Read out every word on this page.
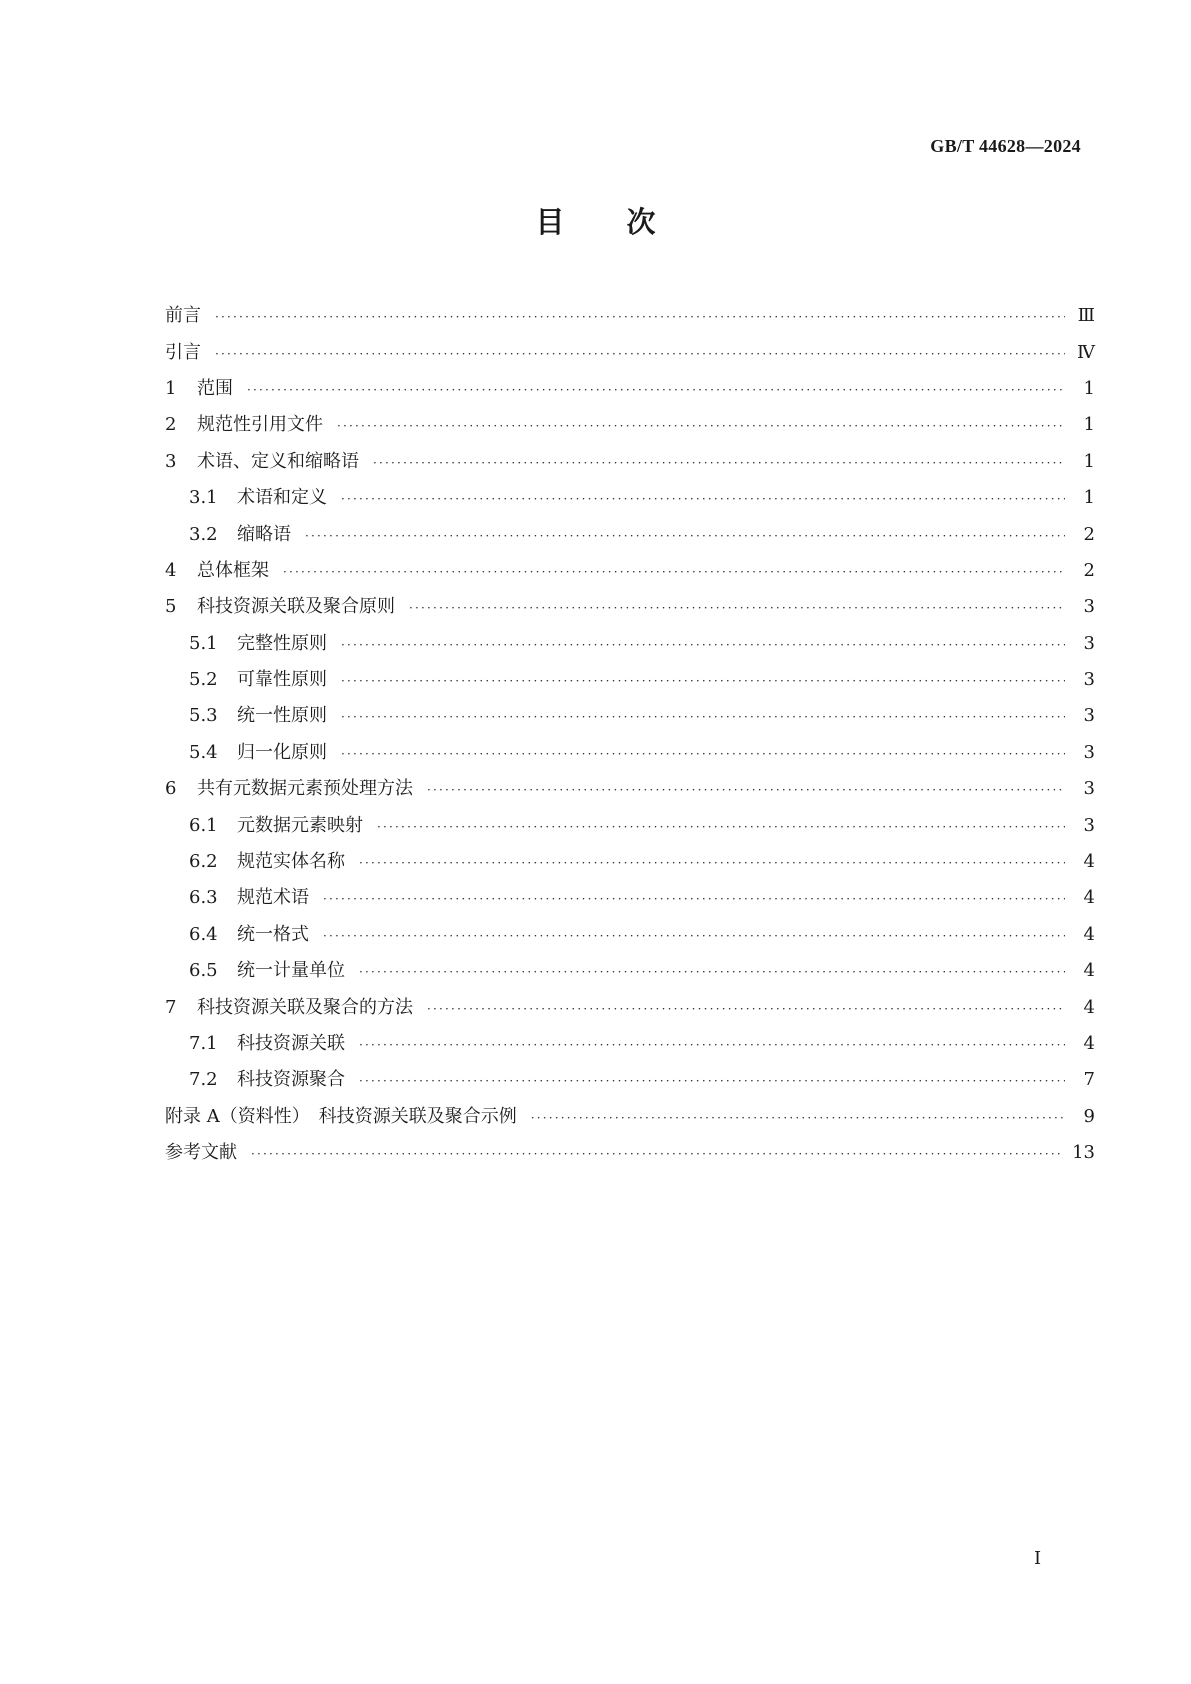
GB/T 44628—2024
目次
前言 ·····	Ⅲ
引言 ·····	Ⅳ
1	范围 ·····	1
2	规范性引用文件 ·····	1
3	术语、定义和缩略语 ·····	1
3.1	术语和定义 ·····	1
3.2	缩略语 ·····	2
4	总体框架 ·····	2
5	科技资源关联及聚合原则 ·····	3
5.1	完整性原则 ·····	3
5.2	可靠性原则 ·····	3
5.3	统一性原则 ·····	3
5.4	归一化原则 ·····	3
6	共有元数据元素预处理方法 ·····	3
6.1	元数据元素映射 ·····	3
6.2	规范实体名称 ·····	4
6.3	规范术语 ·····	4
6.4	统一格式 ·····	4
6.5	统一计量单位 ·····	4
7	科技资源关联及聚合的方法 ·····	4
7.1	科技资源关联 ·····	4
7.2	科技资源聚合 ·····	7
附录 A（资料性）　科技资源关联及聚合示例 ·····	9
参考文献 ·····	13
Ⅰ
